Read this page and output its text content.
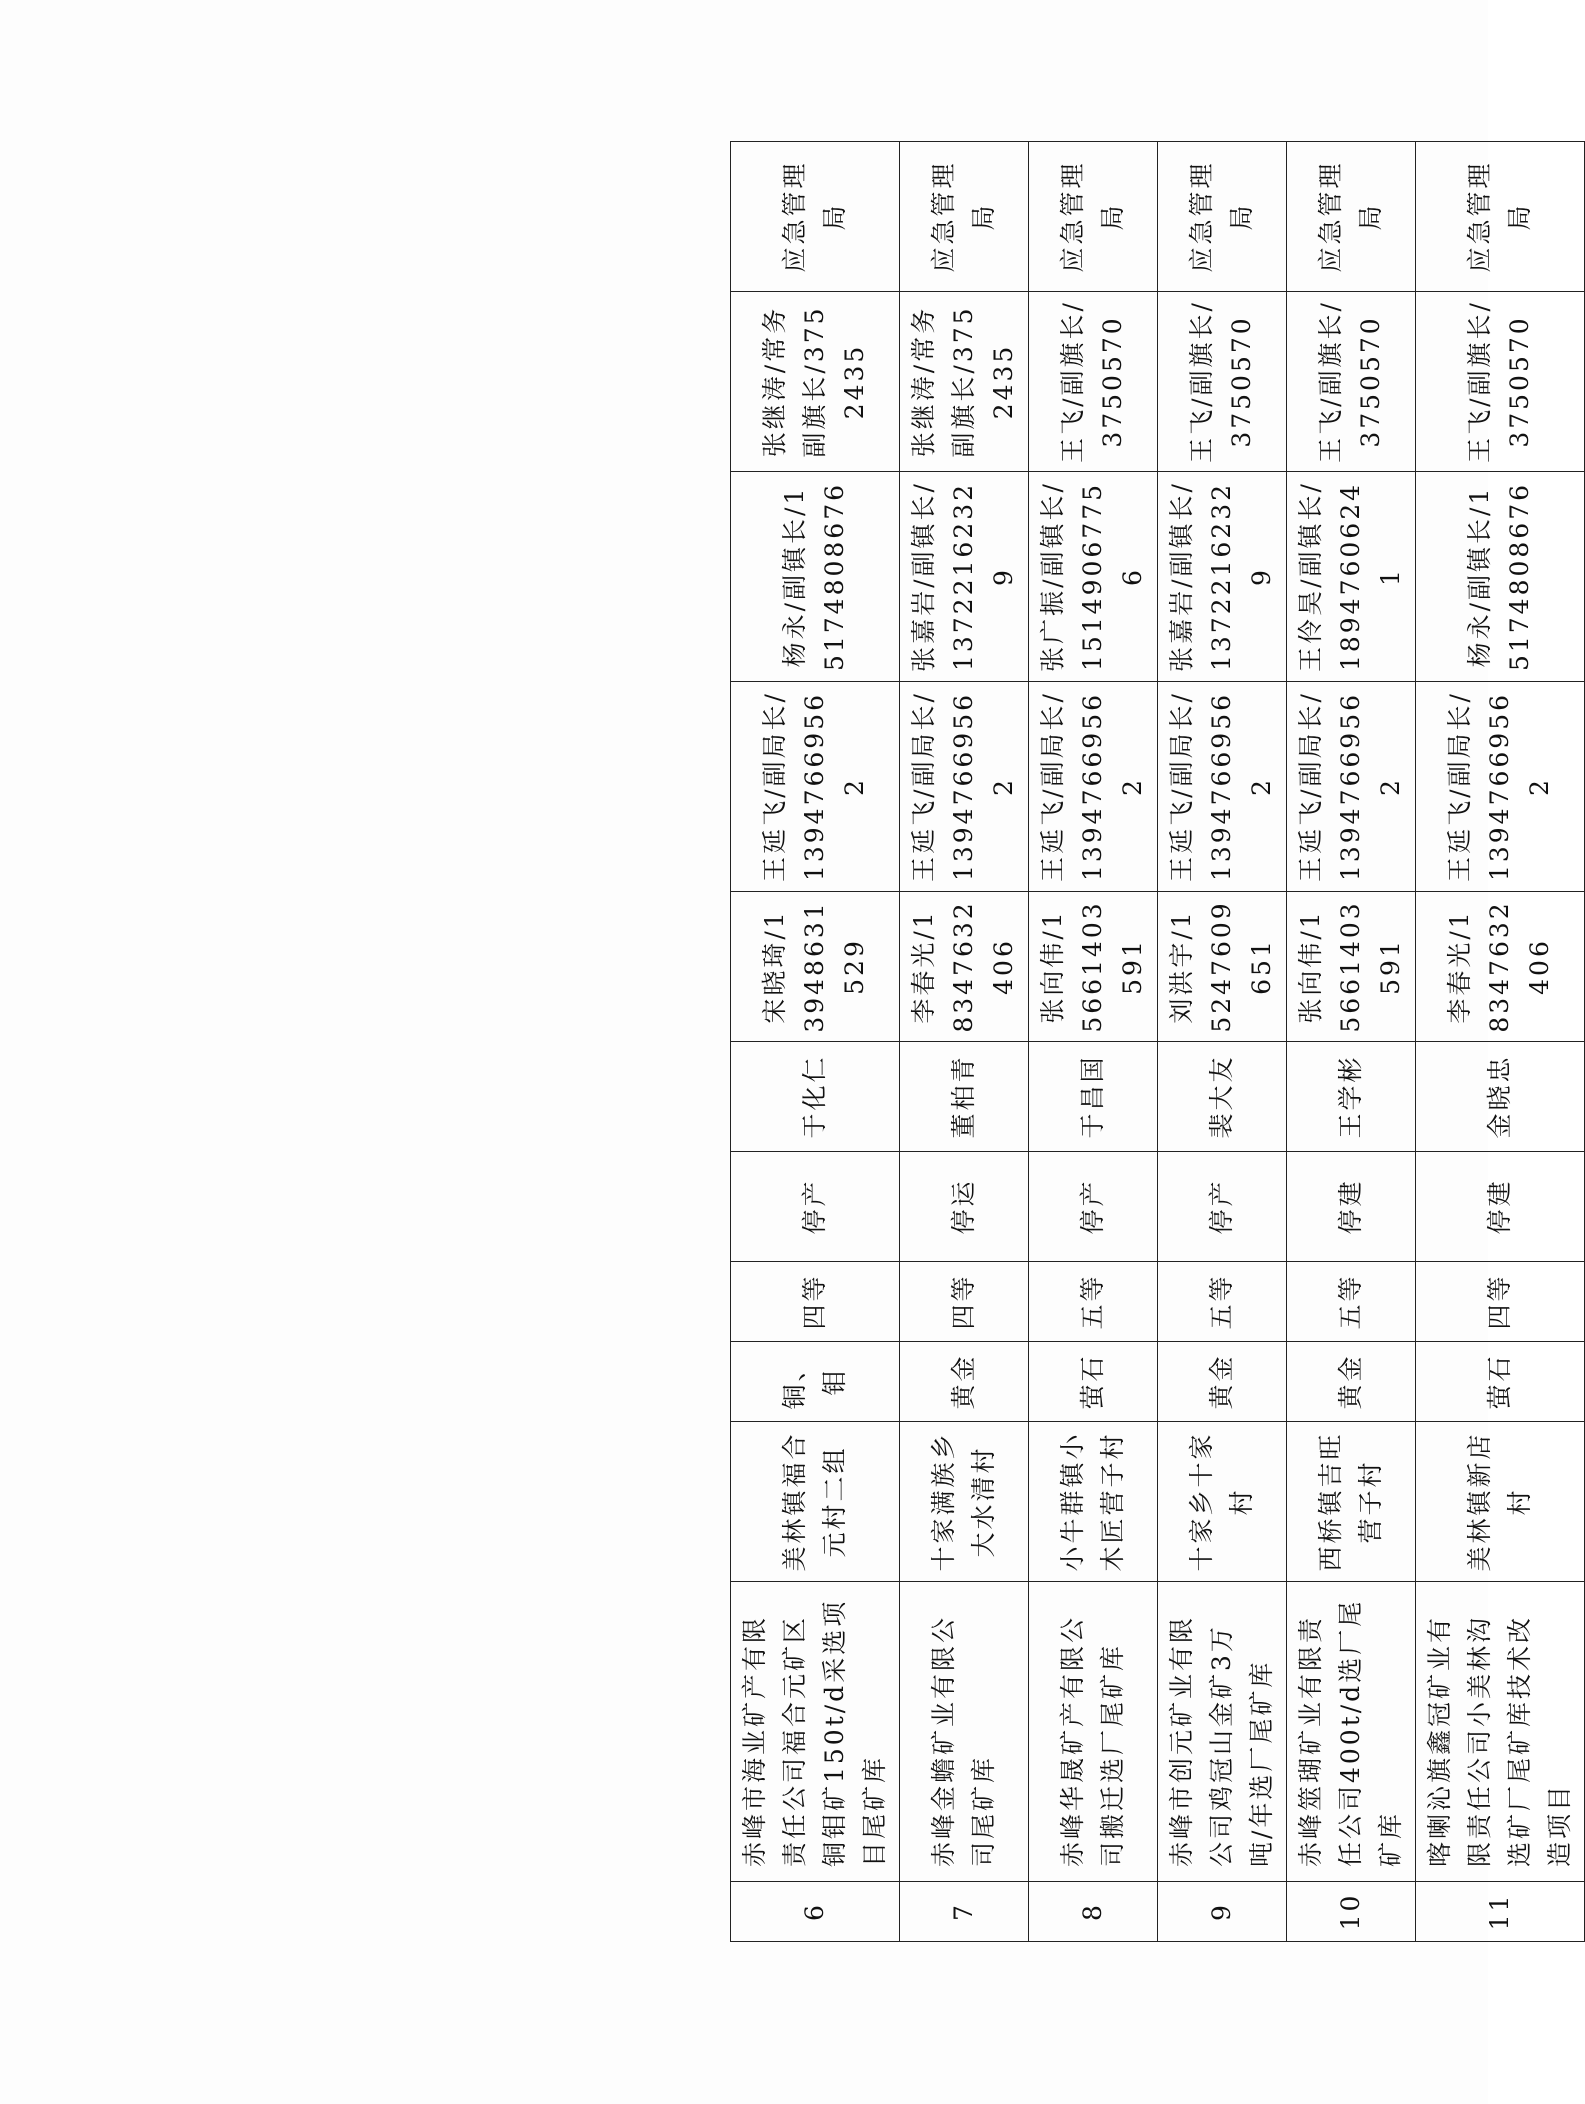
6	赤峰市海业矿产有限责任公司福合元矿区铜钼矿150t/d采选项目尾矿库	美林镇福合元村二组	铜、钼	四等	停产	于化仁	宋晓琦/13948631529	王延飞/副局长/13947669562	杨永/副镇长/15174808676	张继涛/常务副旗长/3752435	应急管理局
7	赤峰金蟾矿业有限公司尾矿库	十家满族乡大水清村	黄金	四等	停运	董柏青	李春光/18347632406	王延飞/副局长/13947669562	张嘉岩/副镇长/13722162329	张继涛/常务副旗长/3752435	应急管理局
8	赤峰华晟矿产有限公司搬迁选厂尾矿库	小牛群镇小木匠营子村	萤石	五等	停产	于昌国	张向伟/15661403591	王延飞/副局长/13947669562	张广振/副镇长/15149067756	王飞/副旗长/3750570	应急管理局
9	赤峰市创元矿业有限公司鸡冠山金矿3万吨/年选厂尾矿库	十家乡十家村	黄金	五等	停产	裴大友	刘洪宇/15247609651	王延飞/副局长/13947669562	张嘉岩/副镇长/13722162329	王飞/副旗长/3750570	应急管理局
10	赤峰筮瑚矿业有限责任公司400t/d选厂尾矿库	西桥镇吉旺营子村	黄金	五等	停建	王学彬	张向伟/15661403591	王延飞/副局长/13947669562	王伶昊/副镇长/18947606241	王飞/副旗长/3750570	应急管理局
11	喀喇沁旗鑫冠矿业有限责任公司小美林沟选矿厂尾矿库技术改造项目	美林镇新店村	萤石	四等	停建	金晓忠	李春光/18347632406	王延飞/副局长/13947669562	杨永/副镇长/15174808676	王飞/副旗长/3750570	应急管理局
